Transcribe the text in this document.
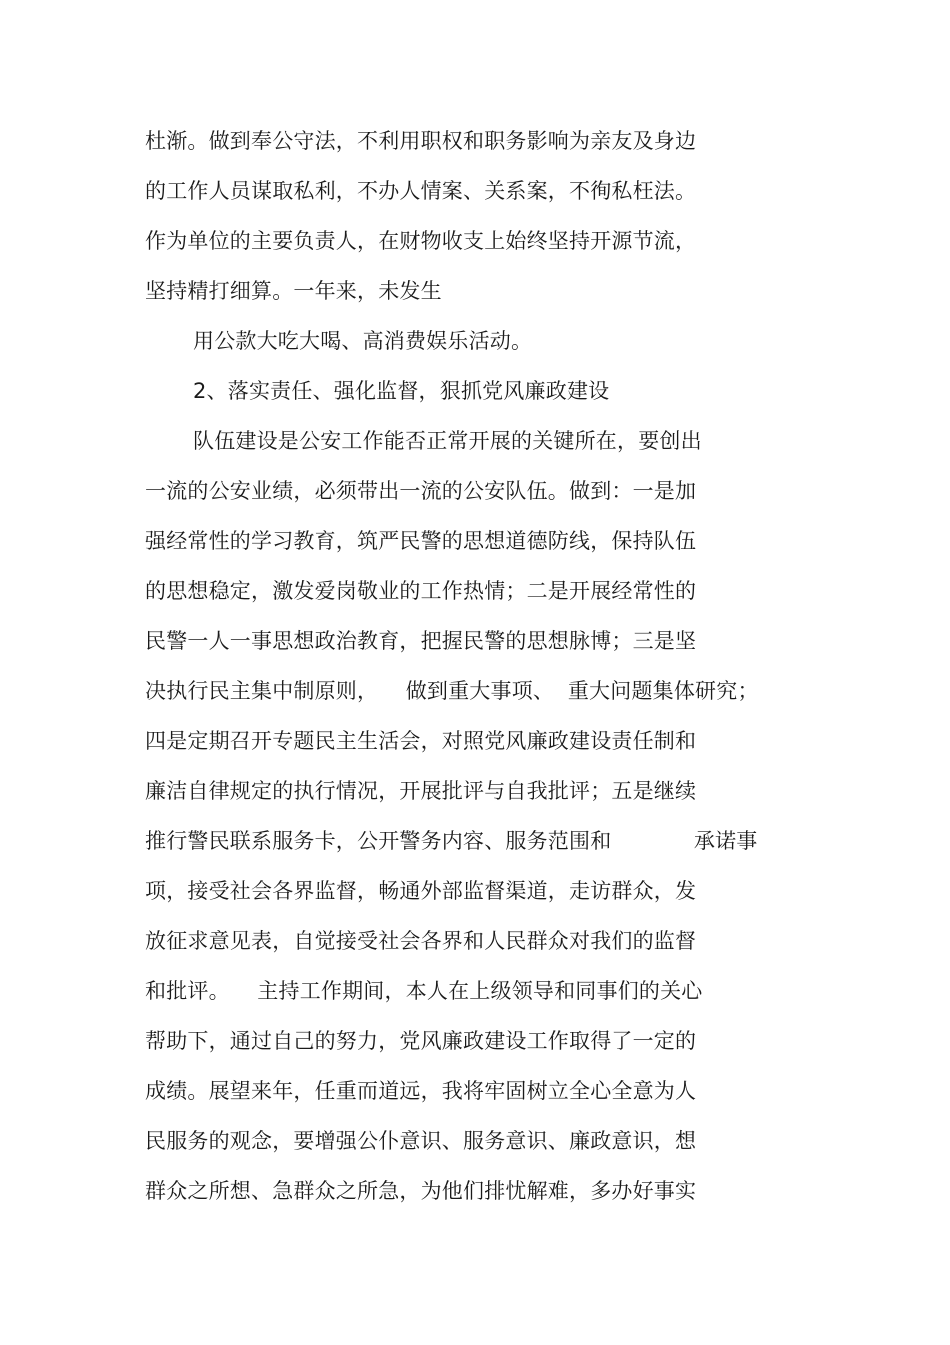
杜渐。做到奉公守法，不利用职权和职务影响为亲友及身边
的工作人员谋取私利，不办人情案、关系案，不徇私枉法。
作为单位的主要负责人，在财物收支上始终坚持开源节流，
坚持精打细算。一年来，未发生
用公款大吃大喝、高消费娱乐活动。
2、落实责任、强化监督，狠抓党风廉政建设
队伍建设是公安工作能否正常开展的关键所在，要创出
一流的公安业绩，必须带出一流的公安队伍。做到：一是加
强经常性的学习教育，筑严民警的思想道德防线，保持队伍
的思想稳定，激发爱岗敬业的工作热情；二是开展经常性的
民警一人一事思想政治教育，把握民警的思想脉博；三是坚
决执行民主集中制原则，    做到重大事项、  重大问题集体研究；
四是定期召开专题民主生活会，对照党风廉政建设责任制和
廉洁自律规定的执行情况，开展批评与自我批评；五是继续
推行警民联系服务卡，公开警务内容、服务范围和            承诺事
项，接受社会各界监督，畅通外部监督渠道，走访群众，发
放征求意见表，自觉接受社会各界和人民群众对我们的监督
和批评。    主持工作期间，本人在上级领导和同事们的关心
帮助下，通过自己的努力，党风廉政建设工作取得了一定的
成绩。展望来年，任重而道远，我将牢固树立全心全意为人
民服务的观念，要增强公仆意识、服务意识、廉政意识，想
群众之所想、急群众之所急，为他们排忧解难，多办好事实
